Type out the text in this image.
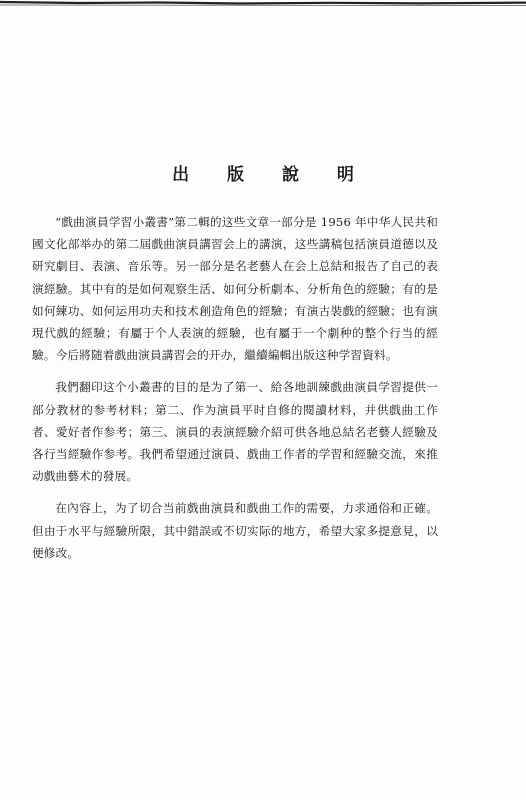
出 版 說 明

“戲曲演員学習小叢書”第二輯的这些文章一部分是 1956 年中华人民共和國文化部举办的第二屆戲曲演員講習会上的講演，这些講稿包括演員道德以及研究劇目、表演、音乐等。另一部分是名老藝人在会上总結和报告了自己的表演經驗。其中有的是如何观察生活、如何分析劇本、分析角色的經驗；有的是如何練功、如何运用功夫和技术創造角色的經驗；有演古裝戲的經驗；也有演現代戲的經驗；有屬于个人表演的經驗，也有屬于一个劇种的整个行当的經驗。今后將随着戲曲演員講習会的开办，繼續編輯出版这种学習資料。

我們翻印这个小叢書的目的是为了第一、給各地訓練戲曲演員学習提供一部分教材的参考材料；第二、作为演員平时自修的閱讀材料，并供戲曲工作者、愛好者作参考；第三、演員的表演經驗介紹可供各地总結名老藝人經驗及各行当經驗作参考。我們希望通过演員、戲曲工作者的学習和經驗交流，來推动戲曲藝术的發展。

在內容上，为了切合当前戲曲演員和戲曲工作的需要，力求通俗和正確。但由于水平与經驗所限，其中錯誤或不切实际的地方，希望大家多提意見，以便修改。
